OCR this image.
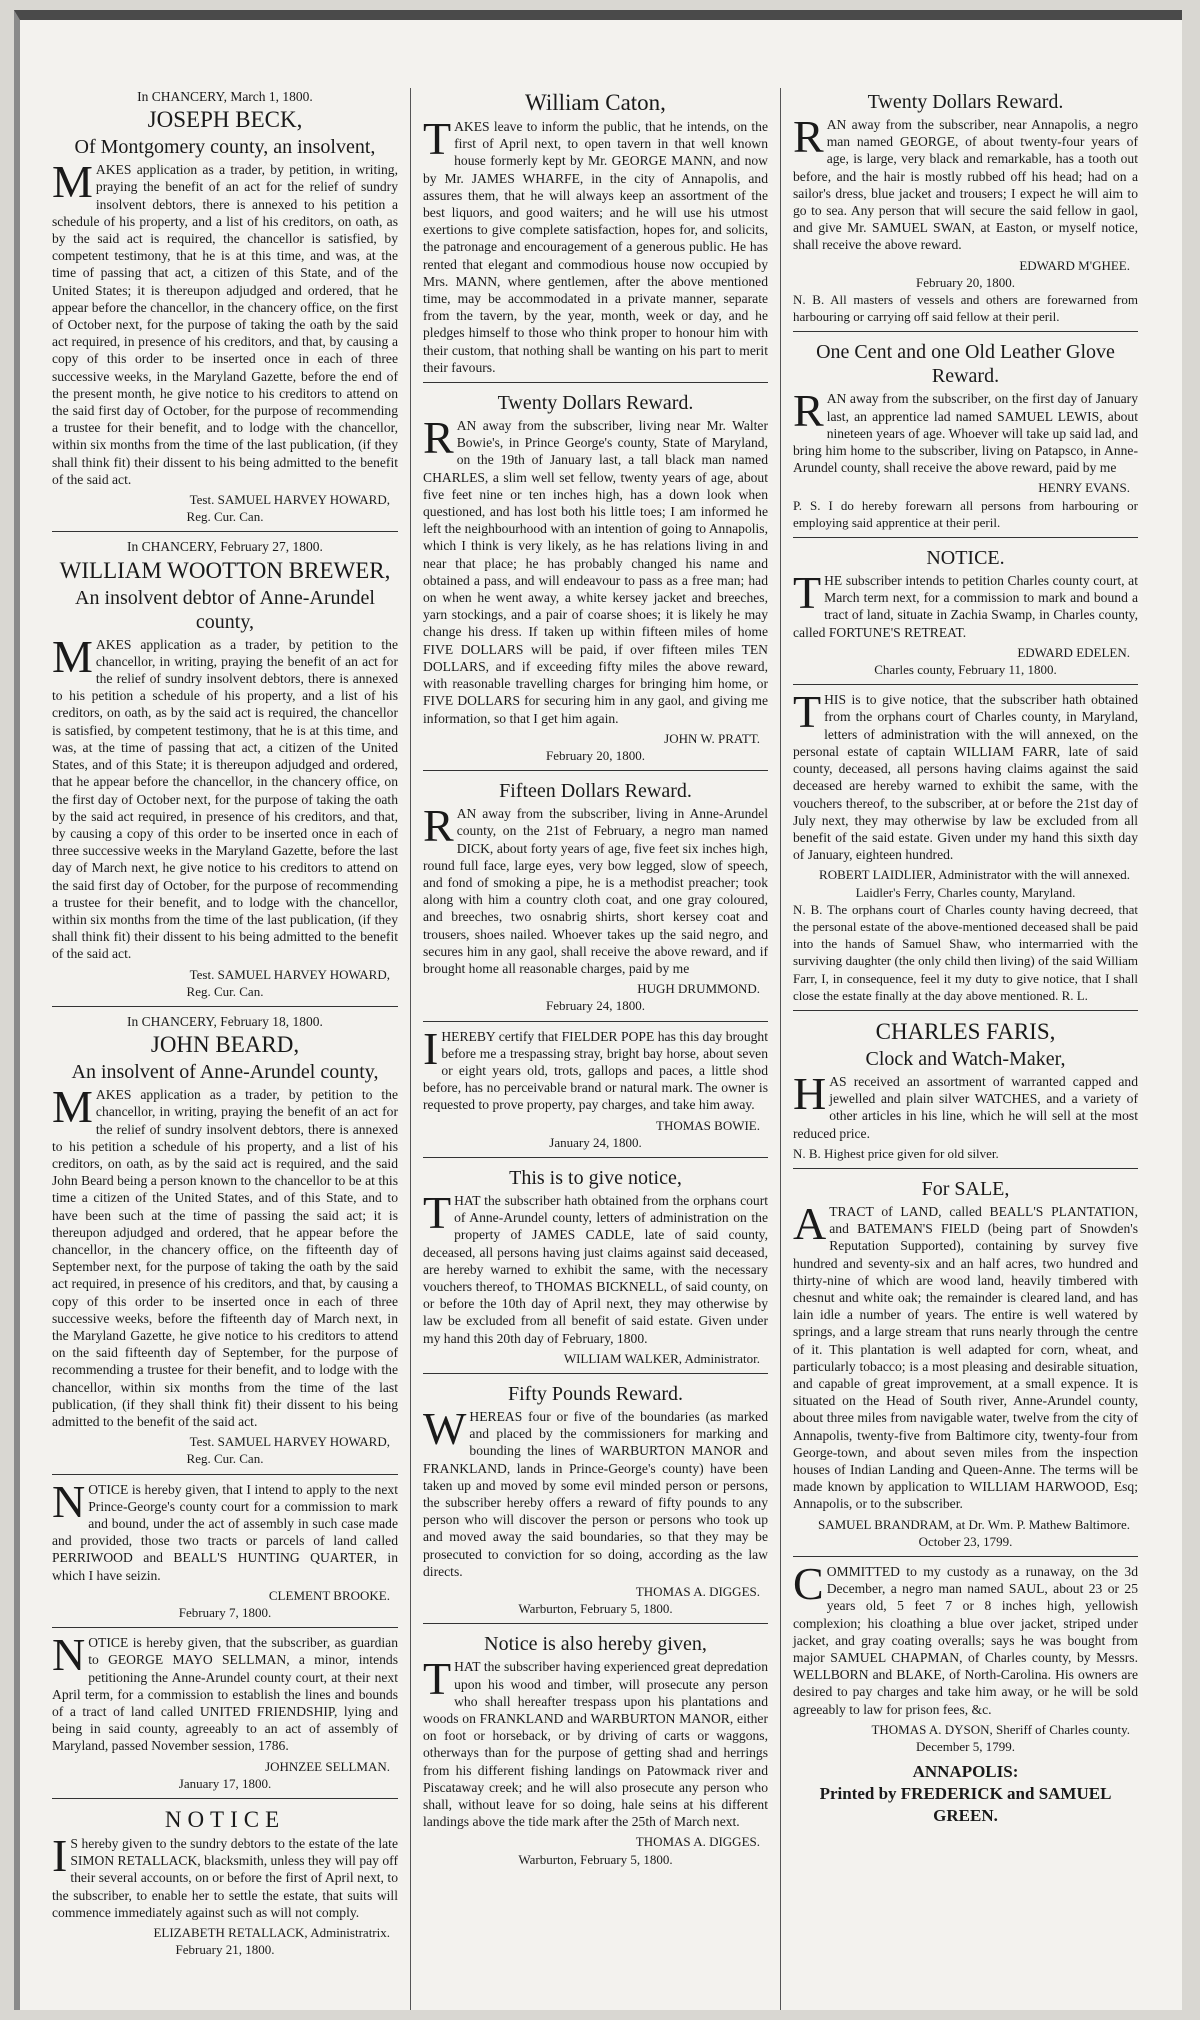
In CHANCERY, March 1, 1800.
JOSEPH BECK,
Of Montgomery county, an insolvent,

MAKES application as a trader, by petition, in writing, praying the benefit of an act for the relief of sundry insolvent debtors, there is annexed to his petition a schedule of his property, and a list of his creditors, on oath, as by the said act is required, the chancellor is satisfied, by competent testimony, that he is at this time, and was, at the time of passing that act, a citizen of this State, and of the United States; it is thereupon adjudged and ordered, that he appear before the chancellor, in the chancery office, on the first of October next, for the purpose of taking the oath by the said act required, in presence of his creditors, and that, by causing a copy of this order to be inserted once in each of three successive weeks, in the Maryland Gazette, before the end of the present month, he give notice to his creditors to attend on the said first day of October, for the purpose of recommending a trustee for their benefit, and to lodge with the chancellor, within six months from the time of the last publication, (if they shall think fit) their dissent to his being admitted to the benefit of the said act.

Test. SAMUEL HARVEY HOWARD,
Reg. Cur. Can.
In CHANCERY, February 27, 1800.
WILLIAM WOOTTON BREWER,
An insolvent debtor of Anne-Arundel county,

MAKES application as a trader, by petition to the chancellor, in writing, praying the benefit of an act for the relief of sundry insolvent debtors, there is annexed to his petition a schedule of his property, and a list of his creditors, on oath, as by the said act is required, the chancellor is satisfied, by competent testimony, that he is at this time, and was, at the time of passing that act, a citizen of the United States, and of this State; it is thereupon adjudged and ordered, that he appear before the chancellor, in the chancery office, on the first day of October next, for the purpose of taking the oath by the said act required, in presence of his creditors, and that, by causing a copy of this order to be inserted once in each of three successive weeks in the Maryland Gazette, before the last day of March next, he give notice to his creditors to attend on the said first day of October, for the purpose of recommending a trustee for their benefit, and to lodge with the chancellor, within six months from the time of the last publication, (if they shall think fit) their dissent to his being admitted to the benefit of the said act.

Test. SAMUEL HARVEY HOWARD,
Reg. Cur. Can.
In CHANCERY, February 18, 1800.
JOHN BEARD,
An insolvent of Anne-Arundel county,

MAKES application as a trader, by petition to the chancellor, in writing, praying the benefit of an act for the relief of sundry insolvent debtors, there is annexed to his petition a schedule of his property, and a list of his creditors, on oath, as by the said act is required, and the said John Beard being a person known to the chancellor to be at this time a citizen of the United States, and of this State, and to have been such at the time of passing the said act; it is thereupon adjudged and ordered, that he appear before the chancellor, in the chancery office, on the fifteenth day of September next, for the purpose of taking the oath by the said act required, in presence of his creditors, and that, by causing a copy of this order to be inserted once in each of three successive weeks, before the fifteenth day of March next, in the Maryland Gazette, he give notice to his creditors to attend on the said fifteenth day of September, for the purpose of recommending a trustee for their benefit, and to lodge with the chancellor, within six months from the time of the last publication, (if they shall think fit) their dissent to his being admitted to the benefit of the said act.

Test. SAMUEL HARVEY HOWARD,
Reg. Cur. Can.

NOTICE is hereby given, that I intend to apply to the next Prince-George's county court for a commission to mark and bound, under the act of assembly in such case made and provided, those two tracts or parcels of land called PERRIWOOD and BEALL'S HUNTING QUARTER, in which I have seizin.

CLEMENT BROOKE.
February 7, 1800.

NOTICE is hereby given, that the subscriber, as guardian to GEORGE MAYO SELLMAN, a minor, intends petitioning the Anne-Arundel county court, at their next April term, for a commission to establish the lines and bounds of a tract of land called UNITED FRIENDSHIP, lying and being in said county, agreeably to an act of assembly of Maryland, passed November session, 1786.

JOHNZEE SELLMAN.
January 17, 1800.
NOTICE

I S hereby given to the sundry debtors to the estate of the late SIMON RETALLACK, blacksmith, unless they will pay off their several accounts, on or before the first of April next, to the subscriber, to enable her to settle the estate, that suits will commence immediately against such as will not comply.

ELIZABETH RETALLACK, Administratrix.
February 21, 1800.
William Caton,

TAKES leave to inform the public, that he intends, on the first of April next, to open tavern in that well known house formerly kept by Mr. GEORGE MANN, and now by Mr. JAMES WHARFE, in the city of Annapolis, and assures them, that he will always keep an assortment of the best liquors, and good waiters; and he will use his utmost exertions to give complete satisfaction, hopes for, and solicits, the patronage and encouragement of a generous public. He has rented that elegant and commodious house now occupied by Mrs. MANN, where gentlemen, after the above mentioned time, may be accommodated in a private manner, separate from the tavern, by the year, month, week or day, and he pledges himself to those who think proper to honour him with their custom, that nothing shall be wanting on his part to merit their favours.

Twenty Dollars Reward.

RAN away from the subscriber, living near Mr. Walter Bowie's, in Prince George's county, State of Maryland, on the 19th of January last, a tall black man named CHARLES, a slim well set fellow, twenty years of age, about five feet nine or ten inches high, has a down look when questioned, and has lost both his little toes; I am informed he left the neighbourhood with an intention of going to Annapolis, which I think is very likely, as he has relations living in and near that place; he has probably changed his name and obtained a pass, and will endeavour to pass as a free man; had on when he went away, a white kersey jacket and breeches, yarn stockings, and a pair of coarse shoes; it is likely he may change his dress. If taken up within fifteen miles of home FIVE DOLLARS will be paid, if over fifteen miles TEN DOLLARS, and if exceeding fifty miles the above reward, with reasonable travelling charges for bringing him home, or FIVE DOLLARS for securing him in any gaol, and giving me information, so that I get him again.

JOHN W. PRATT.
February 20, 1800.
Fifteen Dollars Reward.

RAN away from the subscriber, living in Anne-Arundel county, on the 21st of February, a negro man named DICK, about forty years of age, five feet six inches high, round full face, large eyes, very bow legged, slow of speech, and fond of smoking a pipe, he is a methodist preacher; took along with him a country cloth coat, and one gray coloured, and breeches, two osnabrig shirts, short kersey coat and trousers, shoes nailed. Whoever takes up the said negro, and secures him in any gaol, shall receive the above reward, and if brought home all reasonable charges, paid by me

HUGH DRUMMOND.
February 24, 1800.

IHEREBY certify that FIELDER POPE has this day brought before me a trespassing stray, bright bay horse, about seven or eight years old, trots, gallops and paces, a little shod before, has no perceivable brand or natural mark. The owner is requested to prove property, pay charges, and take him away.

THOMAS BOWIE.
January 24, 1800.
This is to give notice,

THAT the subscriber hath obtained from the orphans court of Anne-Arundel county, letters of administration on the property of JAMES CADLE, late of said county, deceased, all persons having just claims against said deceased, are hereby warned to exhibit the same, with the necessary vouchers thereof, to THOMAS BICKNELL, of said county, on or before the 10th day of April next, they may otherwise by law be excluded from all benefit of said estate. Given under my hand this 20th day of February, 1800.

WILLIAM WALKER, Administrator.
Fifty Pounds Reward.

WHEREAS four or five of the boundaries (as marked and placed by the commissioners for marking and bounding the lines of WARBURTON MANOR and FRANKLAND, lands in Prince-George's county) have been taken up and moved by some evil minded person or persons, the subscriber hereby offers a reward of fifty pounds to any person who will discover the person or persons who took up and moved away the said boundaries, so that they may be prosecuted to conviction for so doing, according as the law directs.

THOMAS A. DIGGES.
Warburton, February 5, 1800.
Notice is also hereby given,

THAT the subscriber having experienced great depredation upon his wood and timber, will prosecute any person who shall hereafter trespass upon his plantations and woods on FRANKLAND and WARBURTON MANOR, either on foot or horseback, or by driving of carts or waggons, otherways than for the purpose of getting shad and herrings from his different fishing landings on Patowmack river and Piscataway creek; and he will also prosecute any person who shall, without leave for so doing, hale seins at his different landings above the tide mark after the 25th of March next.

THOMAS A. DIGGES.
Warburton, February 5, 1800.
Twenty Dollars Reward.

RAN away from the subscriber, near Annapolis, a negro man named GEORGE, of about twenty-four years of age, is large, very black and remarkable, has a tooth out before, and the hair is mostly rubbed off his head; had on a sailor's dress, blue jacket and trousers; I expect he will aim to go to sea. Any person that will secure the said fellow in gaol, and give Mr. SAMUEL SWAN, at Easton, or myself notice, shall receive the above reward.

EDWARD M'GHEE.
February 20, 1800.

N. B. All masters of vessels and others are forewarned from harbouring or carrying off said fellow at their peril.

One Cent and one Old Leather Glove Reward.

RAN away from the subscriber, on the first day of January last, an apprentice lad named SAMUEL LEWIS, about nineteen years of age. Whoever will take up said lad, and bring him home to the subscriber, living on Patapsco, in Anne-Arundel county, shall receive the above reward, paid by me

HENRY EVANS.

P. S. I do hereby forewarn all persons from harbouring or employing said apprentice at their peril.

NOTICE.

THE subscriber intends to petition Charles county court, at March term next, for a commission to mark and bound a tract of land, situate in Zachia Swamp, in Charles county, called FORTUNE'S RETREAT.

EDWARD EDELEN.
Charles county, February 11, 1800.

THIS is to give notice, that the subscriber hath obtained from the orphans court of Charles county, in Maryland, letters of administration with the will annexed, on the personal estate of captain WILLIAM FARR, late of said county, deceased, all persons having claims against the said deceased are hereby warned to exhibit the same, with the vouchers thereof, to the subscriber, at or before the 21st day of July next, they may otherwise by law be excluded from all benefit of the said estate. Given under my hand this sixth day of January, eighteen hundred.

ROBERT LAIDLIER, Administrator with the will annexed.
Laidler's Ferry, Charles county, Maryland.

N. B. The orphans court of Charles county having decreed, that the personal estate of the above-mentioned deceased shall be paid into the hands of Samuel Shaw, who intermarried with the surviving daughter (the only child then living) of the said William Farr, I, in consequence, feel it my duty to give notice, that I shall close the estate finally at the day above mentioned. R. L.

CHARLES FARIS,
Clock and Watch-Maker,

HAS received an assortment of warranted capped and jewelled and plain silver WATCHES, and a variety of other articles in his line, which he will sell at the most reduced price.

N. B. Highest price given for old silver.

For SALE,

ATRACT of LAND, called BEALL'S PLANTATION, and BATEMAN'S FIELD (being part of Snowden's Reputation Supported), containing by survey five hundred and seventy-six and an half acres, two hundred and thirty-nine of which are wood land, heavily timbered with chesnut and white oak; the remainder is cleared land, and has lain idle a number of years. The entire is well watered by springs, and a large stream that runs nearly through the centre of it. This plantation is well adapted for corn, wheat, and particularly tobacco; is a most pleasing and desirable situation, and capable of great improvement, at a small expence. It is situated on the Head of South river, Anne-Arundel county, about three miles from navigable water, twelve from the city of Annapolis, twenty-five from Baltimore city, twenty-four from George-town, and about seven miles from the inspection houses of Indian Landing and Queen-Anne. The terms will be made known by application to WILLIAM HARWOOD, Esq; Annapolis, or to the subscriber.

SAMUEL BRANDRAM, at Dr. Wm. P. Mathew Baltimore.
October 23, 1799.

COMMITTED to my custody as a runaway, on the 3d December, a negro man named SAUL, about 23 or 25 years old, 5 feet 7 or 8 inches high, yellowish complexion; his cloathing a blue over jacket, striped under jacket, and gray coating overalls; says he was bought from major SAMUEL CHAPMAN, of Charles county, by Messrs. WELLBORN and BLAKE, of North-Carolina. His owners are desired to pay charges and take him away, or he will be sold agreeably to law for prison fees, &c.

THOMAS A. DYSON, Sheriff of Charles county.
December 5, 1799.
ANNAPOLIS:
Printed by FREDERICK and SAMUEL GREEN.
